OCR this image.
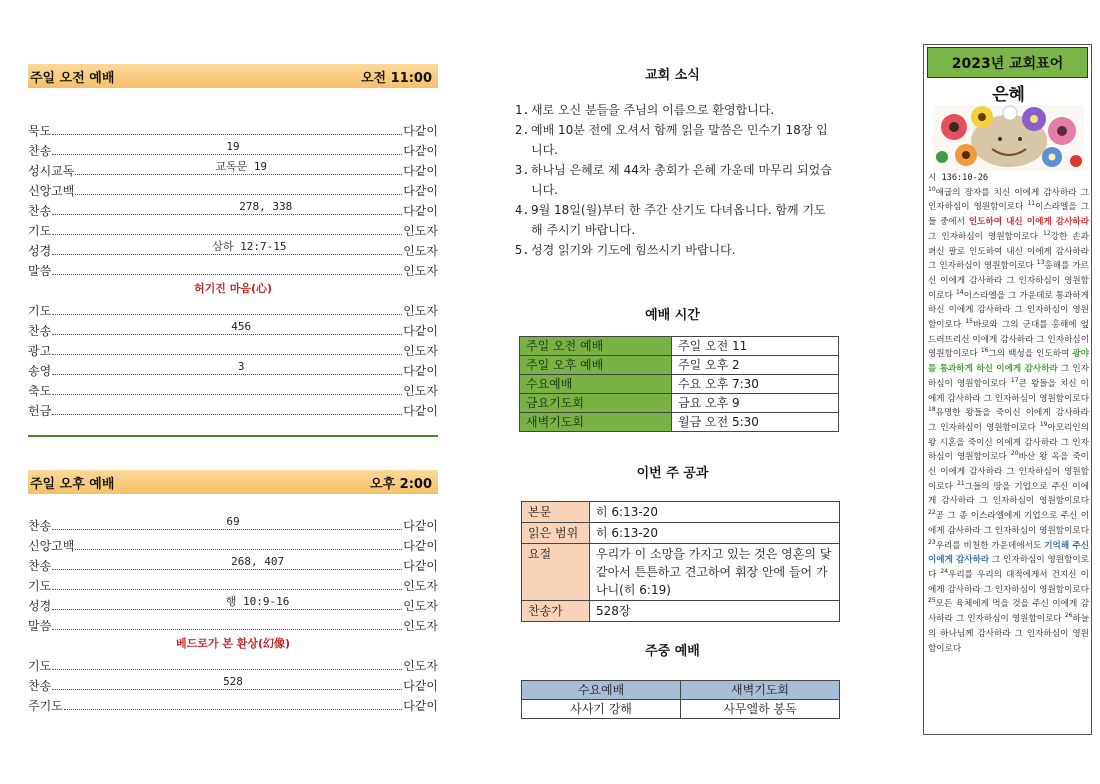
주일 오전 예배	오전 11:00
묵도	다같이
찬송	19	다같이
성시교독	교독문 19	다같이
신앙고백	다같이
찬송	278, 338	다같이
기도	인도자
성경	삼하 12:7-15	인도자
말씀	인도자
허기진 마음(心)
기도	인도자
찬송	456	다같이
광고	인도자
송영	3	다같이
축도	인도자
헌금	다같이
주일 오후 예배	오후 2:00
찬송	69	다같이
신앙고백	다같이
찬송	268, 407	다같이
기도	인도자
성경	행 10:9-16	인도자
말씀	인도자
베드로가 본 환상(幻像)
기도	인도자
찬송	528	다같이
주기도	다같이
교회 소식
1. 새로 오신 분들을 주님의 이름으로 환영합니다.
2. 예배 10분 전에 오셔서 함께 읽을 말씀은 민수기 18장 입니다.
3. 하나님 은혜로 제 44차 총회가 은혜 가운데 마무리 되었습니다.
4. 9월 18일(월)부터 한 주간 산기도 다녀옵니다. 함께 기도해 주시기 바랍니다.
5. 성경 읽기와 기도에 힘쓰시기 바랍니다.
예배 시간
주일 오전 예배	주일 오전 11
주일 오후 예배	주일 오후 2
수요예배	수요 오후 7:30
금요기도회	금요 오후 9
새벽기도회	월금 오전 5:30
이번 주 공과
본문	히 6:13-20
읽은 범위	히 6:13-20
요절	우리가 이 소망을 가지고 있는 것은 영혼의 닻 같아서 튼튼하고 견고하여 휘장 안에 들어 가나니(히 6:19)
찬송가	528장
주중 예배
수요예배	새벽기도회
사사기 강해	사무엘하 봉독
2023년 교회표어
은혜
시 136:10-26
$^{10}$애굽의 장자를 치신 이에게 감사하라 그 인자하심이 영원함이로다 $^{11}$이스라엘을 그들 중에서 인도하여 내신 이에게 감사하라 그 인자하심이 영원함이로다 $^{12}$강한 손과 펴신 팔로 인도하여 내신 이에게 감사하라 그 인자하심이 영원함이로다 $^{13}$홍해를 가르신 이에게 감사하라 그 인자하심이 영원함이로다 $^{14}$이스라엘을 그 가운데로 통과하게 하신 이에게 감사하라 그 인자하심이 영원함이로다 $^{15}$바로와 그의 군대를 홍해에 엎드러뜨리신 이에게 감사하라 그 인자하심이 영원함이로다 $^{16}$그의 백성을 인도하여 광야를 통과하게 하신 이에게 감사하라 그 인자하심이 영원함이로다 $^{17}$큰 왕들을 치신 이에게 감사하라 그 인자하심이 영원함이로다 $^{18}$유명한 왕들을 죽이신 이에게 감사하라 그 인자하심이 영원함이로다 $^{19}$아모리인의 왕 시혼을 죽이신 이에게 감사하라 그 인자하심이 영원함이로다 $^{20}$바산 왕 옥을 죽이신 이에게 감사하라 그 인자하심이 영원함이로다 $^{21}$그들의 땅을 기업으로 주신 이에게 감사하라 그 인자하심이 영원함이로다 $^{22}$곧 그 종 이스라엘에게 기업으로 주신 이에게 감사하라 그 인자하심이 영원함이로다 $^{23}$우리를 비천한 가운데에서도 기억해 주신 이에게 감사하라 그 인자하심이 영원함이로다 $^{24}$우리를 우리의 대적에게서 건지신 이에게 감사하라 그 인자하심이 영원함이로다 $^{25}$모든 육체에게 먹을 것을 주신 이에게 감사하라 그 인자하심이 영원함이로다 $^{26}$하늘의 하나님께 감사하라 그 인자하심이 영원함이로다
